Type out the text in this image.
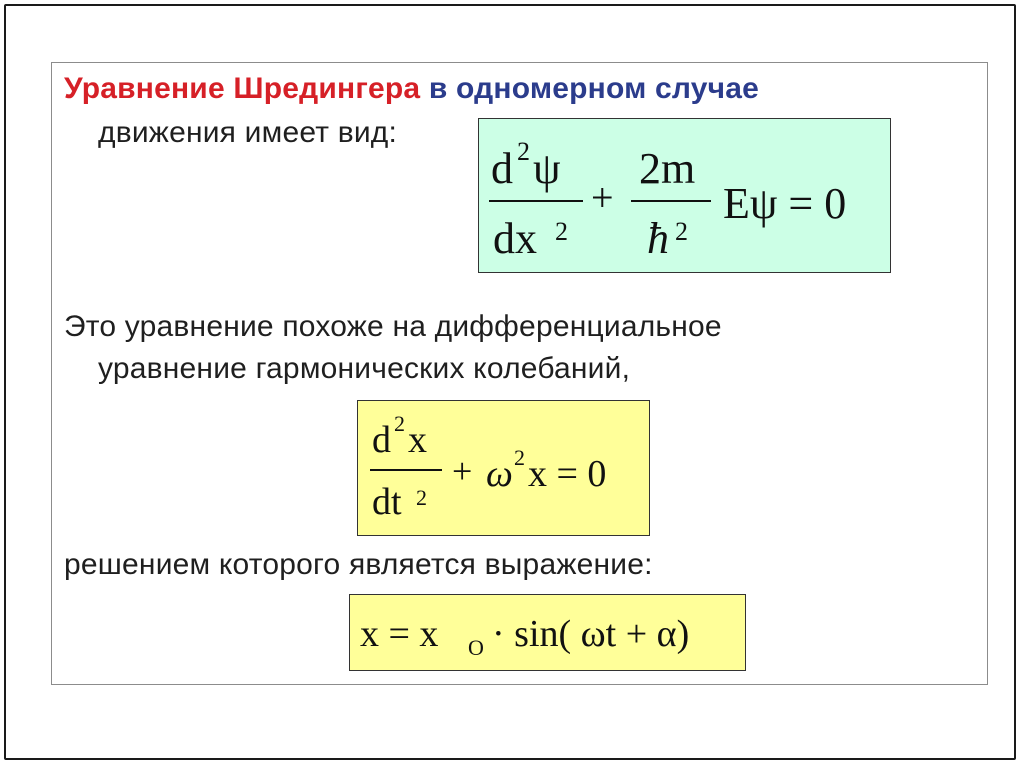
Уравнение Шредингера в одномерном случае
движения имеет вид:
d 2 ψ
dx 2
+
2m
ħ 2
Eψ = 0
Это уравнение похоже на дифференциальное
уравнение гармонических колебаний,
d 2 x
dt 2
+ ω 2 x = 0
решением которого является выражение:
x = x O · sin( ωt + α)
